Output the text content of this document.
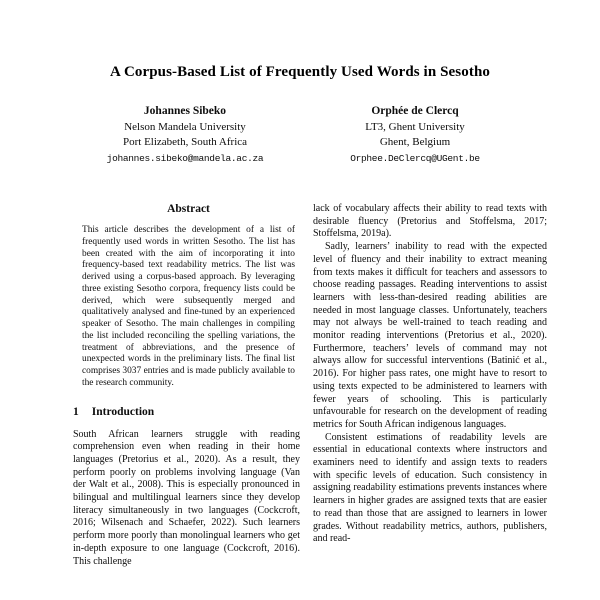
A Corpus-Based List of Frequently Used Words in Sesotho
Johannes Sibeko
Nelson Mandela University
Port Elizabeth, South Africa
johannes.sibeko@mandela.ac.za
Orphée de Clercq
LT3, Ghent University
Ghent, Belgium
Orphee.DeClercq@UGent.be
Abstract

This article describes the development of a list of frequently used words in written Sesotho. The list has been created with the aim of incorporating it into frequency-based text readability metrics. The list was derived using a corpus-based approach. By leveraging three existing Sesotho corpora, frequency lists could be derived, which were subsequently merged and qualitatively analysed and fine-tuned by an experienced speaker of Sesotho. The main challenges in compiling the list included reconciling the spelling variations, the treatment of abbreviations, and the presence of unexpected words in the preliminary lists. The final list comprises 3037 entries and is made publicly available to the research community.

1 Introduction

South African learners struggle with reading comprehension even when reading in their home languages (Pretorius et al., 2020). As a result, they perform poorly on problems involving language (Van der Walt et al., 2008). This is especially pronounced in bilingual and multilingual learners since they develop literacy simultaneously in two languages (Cockcroft, 2016; Wilsenach and Schaefer, 2022). Such learners perform more poorly than monolingual learners who get in-depth exposure to one language (Cockcroft, 2016). This challenge

lack of vocabulary affects their ability to read texts with desirable fluency (Pretorius and Stoffelsma, 2017; Stoffelsma, 2019a).

Sadly, learners’ inability to read with the expected level of fluency and their inability to extract meaning from texts makes it difficult for teachers and assessors to choose reading passages. Reading interventions to assist learners with less-than-desired reading abilities are needed in most language classes. Unfortunately, teachers may not always be well-trained to teach reading and monitor reading interventions (Pretorius et al., 2020). Furthermore, teachers’ levels of command may not always allow for successful interventions (Batinić et al., 2016). For higher pass rates, one might have to resort to using texts expected to be administered to learners with fewer years of schooling. This is particularly unfavourable for research on the development of reading metrics for South African indigenous languages.

Consistent estimations of readability levels are essential in educational contexts where instructors and examiners need to identify and assign texts to readers with specific levels of education. Such consistency in assigning readability estimations prevents instances where learners in higher grades are assigned texts that are easier to read than those that are assigned to learners in lower grades. Without readability metrics, authors, publishers, and read-
